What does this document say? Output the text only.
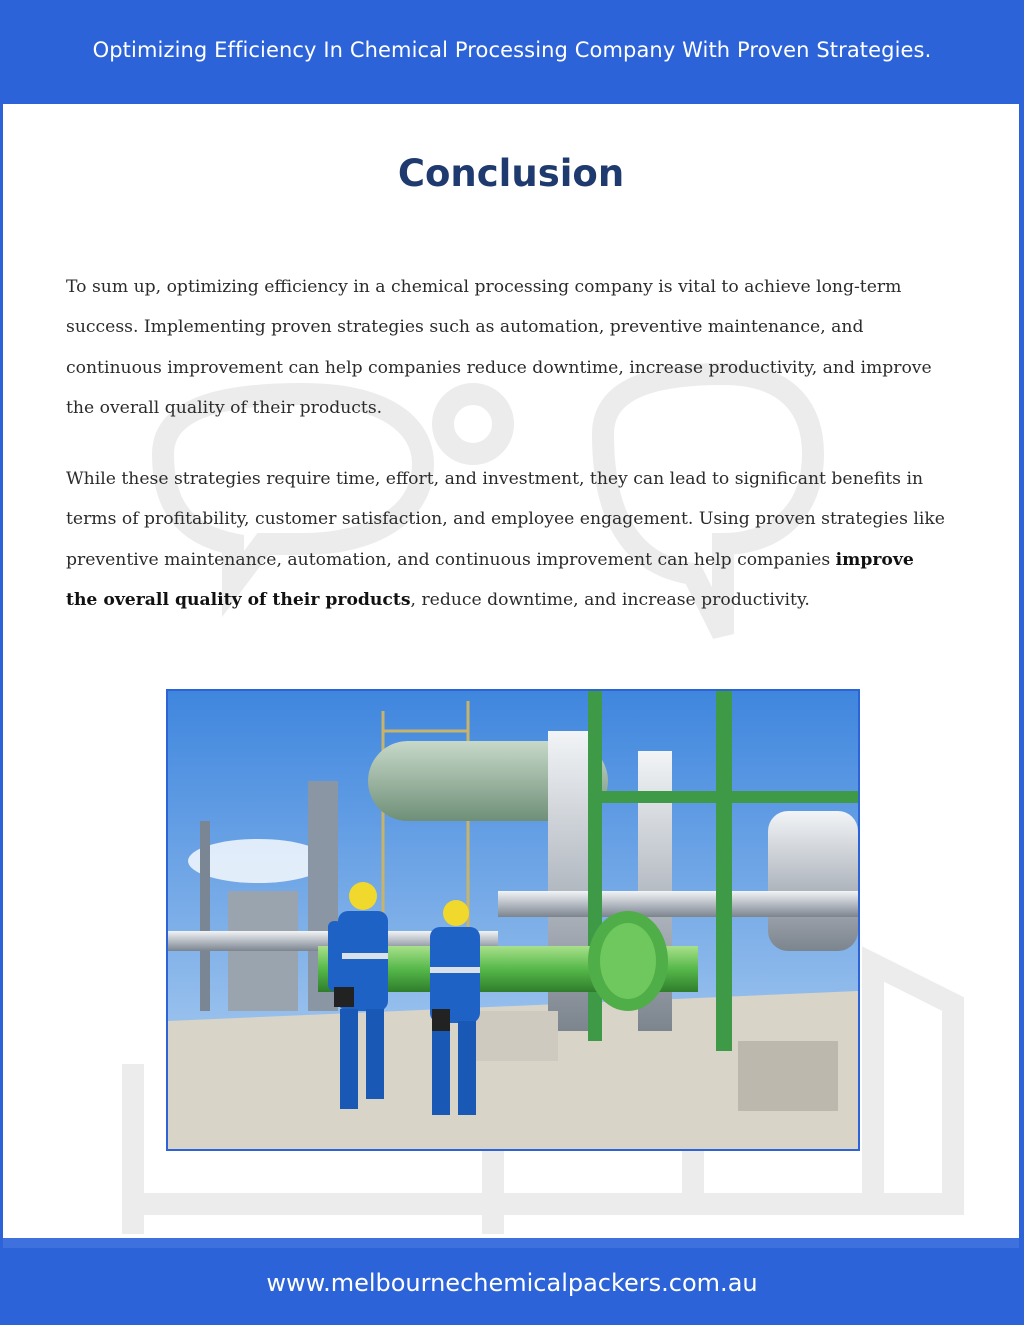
Optimizing Efficiency In Chemical Processing Company With Proven Strategies.
Conclusion

To sum up, optimizing efficiency in a chemical processing company is vital to achieve long-term success. Implementing proven strategies such as automation, preventive maintenance, and continuous improvement can help companies reduce downtime, increase productivity, and improve the overall quality of their products.

While these strategies require time, effort, and investment, they can lead to significant benefits in terms of profitability, customer satisfaction, and employee engagement. Using proven strategies like preventive maintenance, automation, and continuous improvement can help companies improve the overall quality of their products, reduce downtime, and increase productivity.

www.melbournechemicalpackers.com.au
